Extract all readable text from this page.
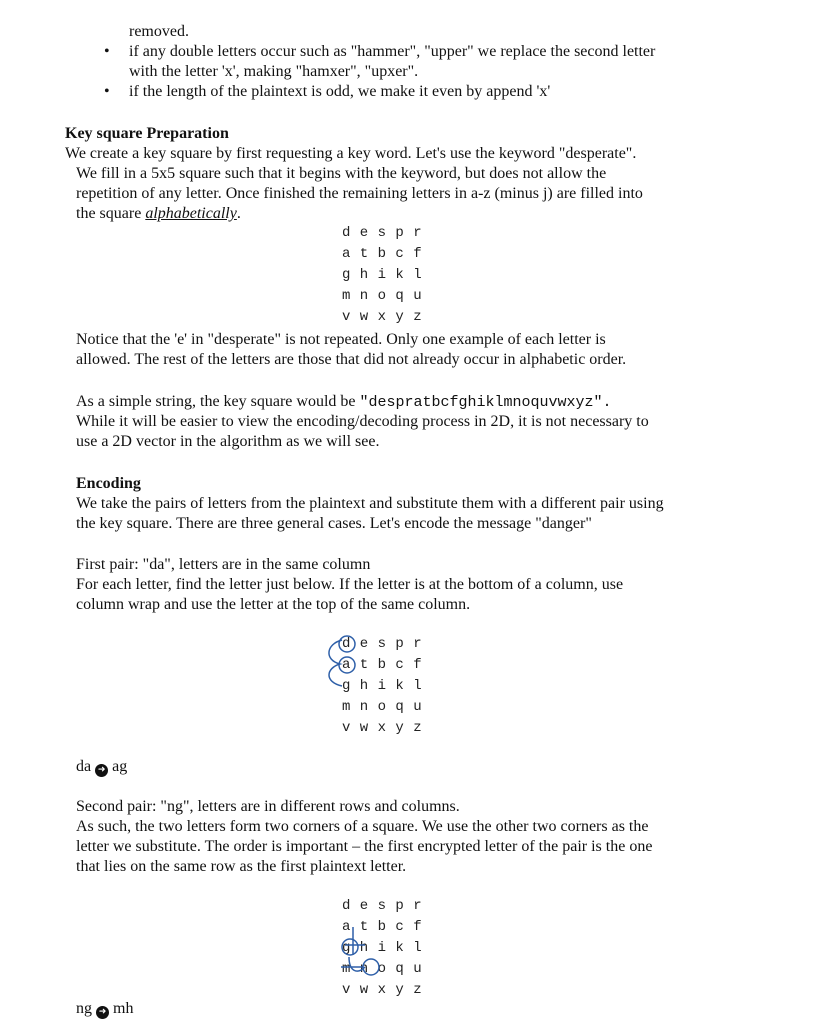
removed.
• if any double letters occur such as "hammer", "upper" we replace the second letter
with the letter 'x', making "hamxer", "upxer".
• if the length of the plaintext is odd, we make it even by append 'x'
Key square Preparation
We create a key square by first requesting a key word. Let's use the keyword "desperate".
We fill in a 5x5 square such that it begins with the keyword, but does not allow the
repetition of any letter. Once finished the remaining letters in a-z (minus j) are filled into
the square alphabetically.
d e s p r
a t b c f
g h i k l
m n o q u
v w x y z
Notice that the 'e' in "desperate" is not repeated. Only one example of each letter is
allowed. The rest of the letters are those that did not already occur in alphabetic order.
As a simple string, the key square would be "despratbcfghiklmnoquvwxyz".
While it will be easier to view the encoding/decoding process in 2D, it is not necessary to
use a 2D vector in the algorithm as we will see.
Encoding
We take the pairs of letters from the plaintext and substitute them with a different pair using
the key square. There are three general cases. Let's encode the message "danger"
First pair: "da", letters are in the same column
For each letter, find the letter just below. If the letter is at the bottom of a column, use
column wrap and use the letter at the top of the same column.
d e s p r
a t b c f
g h i k l
m n o q u
v w x y z
da ➜ ag
Second pair: "ng", letters are in different rows and columns.
As such, the two letters form two corners of a square. We use the other two corners as the
letter we substitute. The order is important – the first encrypted letter of the pair is the one
that lies on the same row as the first plaintext letter.
d e s p r
a t b c f
g h i k l
m n o q u
v w x y z
ng ➜ mh
